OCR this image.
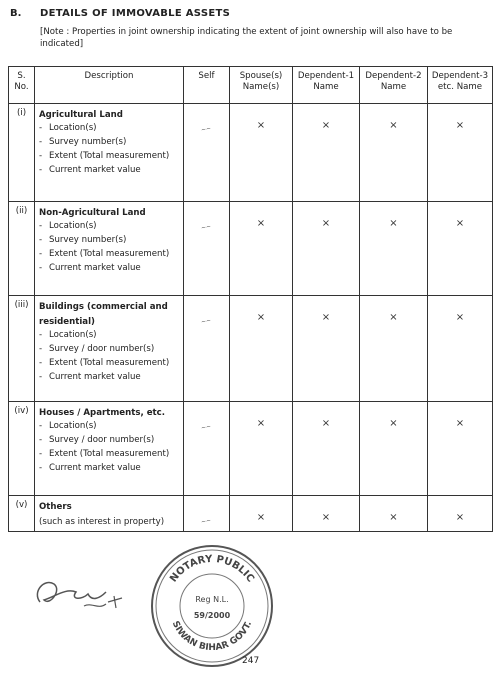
B. DETAILS OF IMMOVABLE ASSETS
[Note : Properties in joint ownership indicating the extent of joint ownership will also have to be indicated]
S. No.	Description	Self	Spouse(s) Name(s)	Dependent-1 Name	Dependent-2 Name	Dependent-3 etc. Name
(i)	Agricultural Land
- Location(s)
- Survey number(s)
- Extent (Total measurement)
- Current market value	~~	×	×	×	×
(ii)	Non-Agricultural Land
- Location(s)
- Survey number(s)
- Extent (Total measurement)
- Current market value	~~	×	×	×	×
(iii)	Buildings (commercial and residential)
- Location(s)
- Survey / door number(s)
- Extent (Total measurement)
- Current market value	~~	×	×	×	×
(iv)	Houses / Apartments, etc.
- Location(s)
- Survey / door number(s)
- Extent (Total measurement)
- Current market value	~~	×	×	×	×
(v)	Others
(such as interest in property)	~~	×	×	×	×
NOTARY PUBLIC
SIWAN BIHAR GOVT.
Reg N.L.
59/2000
247
